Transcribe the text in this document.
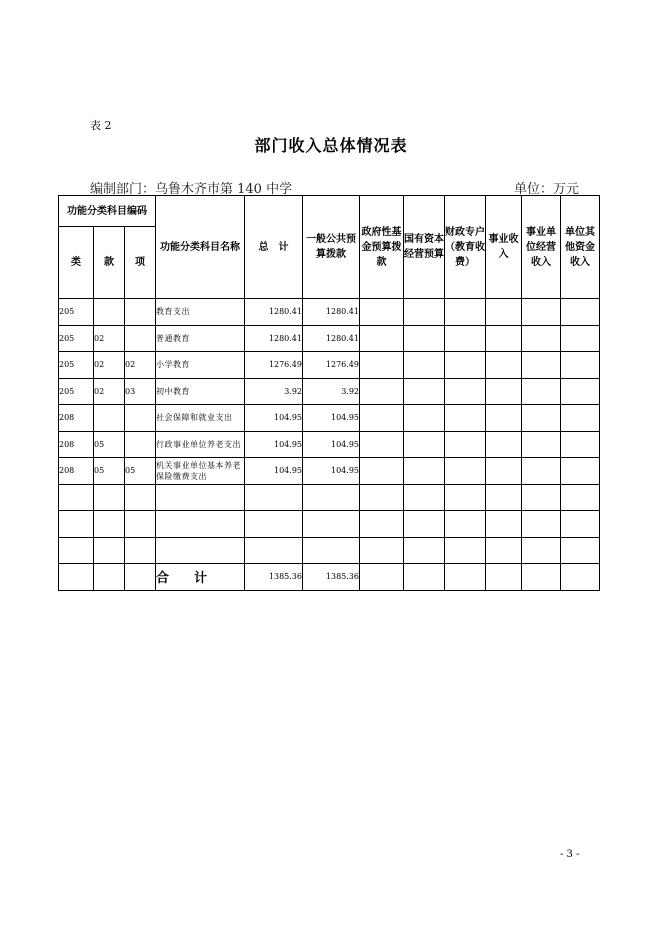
表 2
部门收入总体情况表
编制部门：乌鲁木齐市第 140 中学	单位：万元
功能分类科目编码			功能分类科目名称	总　计	一般公共预算拨款	政府性基金预算拨款	国有资本经营预算	财政专户（教育收费）	事业收入	事业单位经营收入	单位其他资金收入
类	款	项									
205			教育支出	1280.41	1280.41						
205	02		普通教育	1280.41	1280.41						
205	02	02	小学教育	1276.49	1276.49						
205	02	03	初中教育	3.92	3.92						
208			社会保障和就业支出	104.95	104.95						
208	05		行政事业单位养老支出	104.95	104.95						
208	05	05	机关事业单位基本养老保险缴费支出	104.95	104.95						

			合　计	1385.36	1385.36						
- 3 -
